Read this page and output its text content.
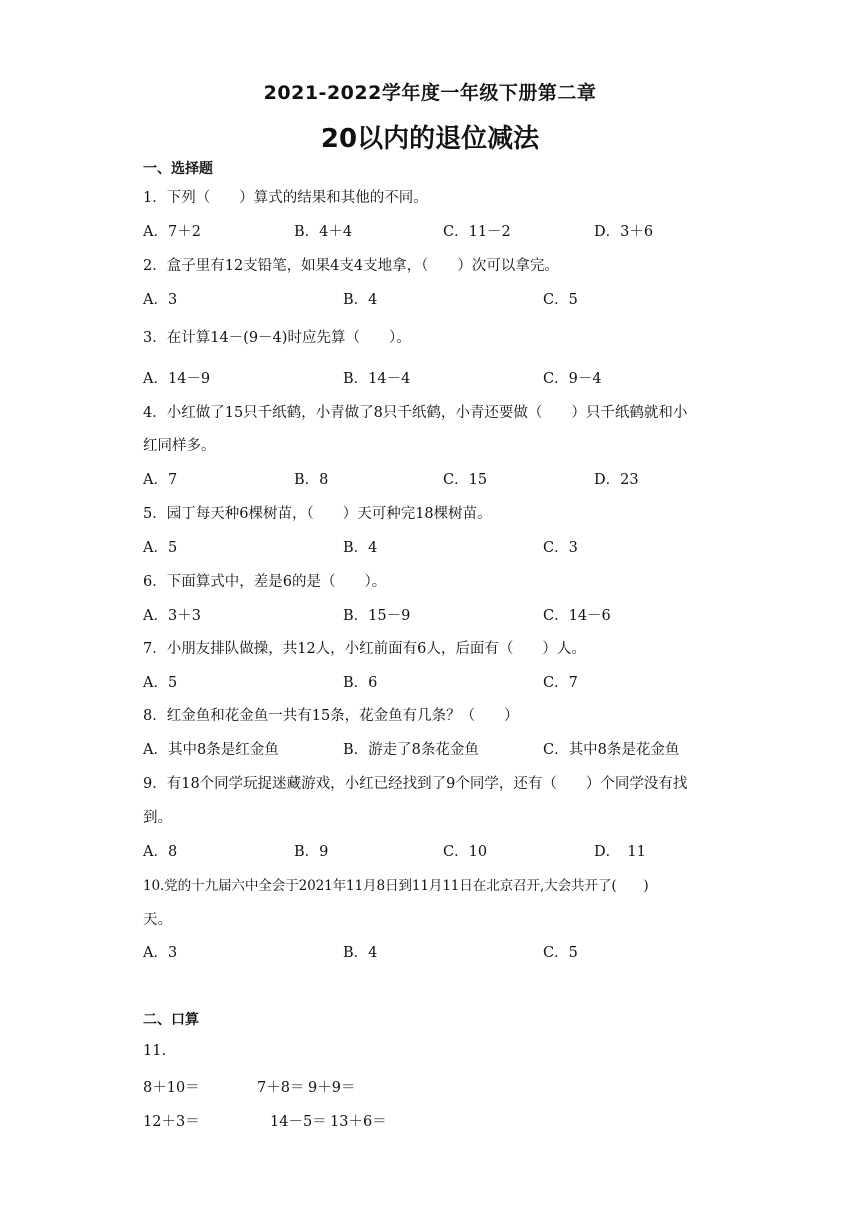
2021-2022学年度一年级下册第二章
20以内的退位减法
一、选择题
1．下列（　　）算式的结果和其他的不同。
A．7＋2	B．4＋4	C．11－2	D．3＋6
2．盒子里有12支铅笔，如果4支4支地拿，（　　）次可以拿完。
A．3	B．4	C．5
3．在计算14－(9－4)时应先算（　　）。
A．14－9	B．14－4	C．9－4
4．小红做了15只千纸鹤，小青做了8只千纸鹤，小青还要做（　　）只千纸鹤就和小
红同样多。
A．7	B．8	C．15	D．23
5．园丁每天种6棵树苗，（　　）天可种完18棵树苗。
A．5	B．4	C．3
6．下面算式中，差是6的是（　　）。
A．3＋3	B．15－9	C．14－6
7．小朋友排队做操，共12人，小红前面有6人，后面有（　　）人。
A．5	B．6	C．7
8．红金鱼和花金鱼一共有15条，花金鱼有几条？（　　）
A．其中8条是红金鱼	B．游走了8条花金鱼	C．其中8条是花金鱼
9．有18个同学玩捉迷藏游戏，小红已经找到了9个同学，还有（　　）个同学没有找
到。
A．8	B．9	C．10	D．　11
10.党的十九届六中全会于2021年11月8日到11月11日在北京召开,大会共开了(　　)
天。
A．3	B．4	C．5
二、口算
11.
8＋10＝	7＋8＝ 9＋9＝
12＋3＝	14－5＝ 13＋6＝
